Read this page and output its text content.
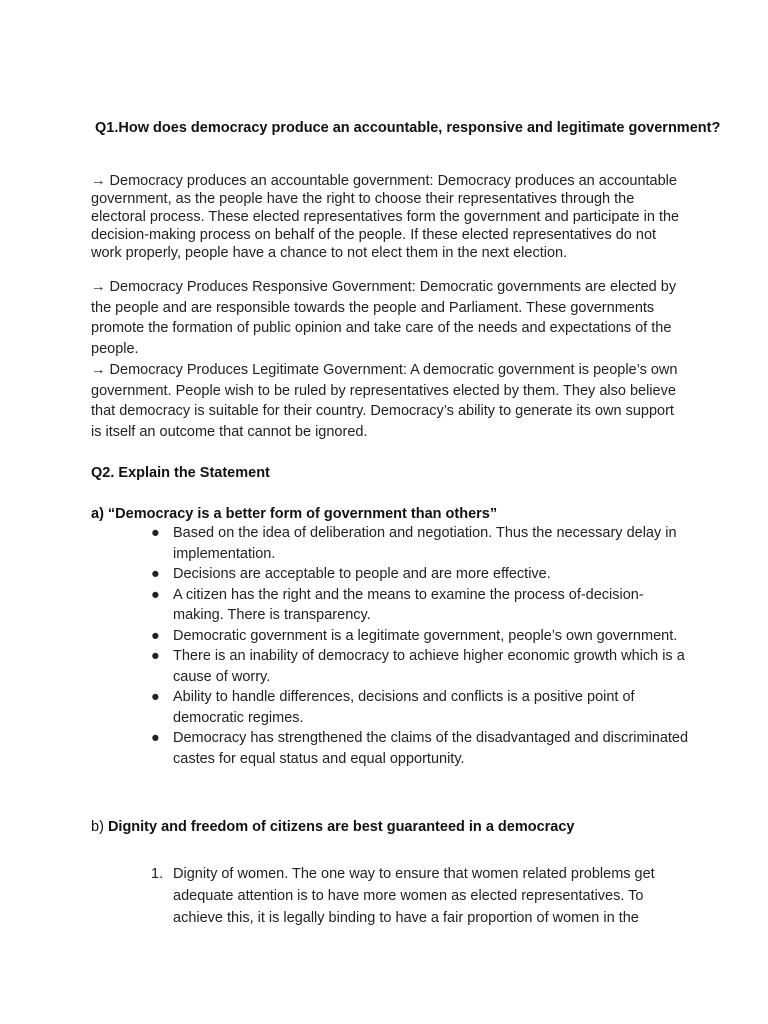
Q1.How does democracy produce an accountable, responsive and legitimate government?
→ Democracy produces an accountable government: Democracy produces an accountable government, as the people have the right to choose their representatives through the electoral process. These elected representatives form the government and participate in the decision-making process on behalf of the people. If these elected representatives do not work properly, people have a chance to not elect them in the next election.
→ Democracy Produces Responsive Government: Democratic governments are elected by the people and are responsible towards the people and Parliament. These governments promote the formation of public opinion and take care of the needs and expectations of the people.
→ Democracy Produces Legitimate Government: A democratic government is people’s own government. People wish to be ruled by representatives elected by them. They also believe that democracy is suitable for their country. Democracy’s ability to generate its own support is itself an outcome that cannot be ignored.
Q2. Explain the Statement
a) “Democracy is a better form of government than others”
● Based on the idea of deliberation and negotiation. Thus the necessary delay in implementation.
● Decisions are acceptable to people and are more effective.
● A citizen has the right and the means to examine the process of-decision-making. There is transparency.
● Democratic government is a legitimate government, people’s own government.
● There is an inability of democracy to achieve higher economic growth which is a cause of worry.
● Ability to handle differences, decisions and conflicts is a positive point of democratic regimes.
● Democracy has strengthened the claims of the disadvantaged and discriminated castes for equal status and equal opportunity.
b) Dignity and freedom of citizens are best guaranteed in a democracy
1. Dignity of women. The one way to ensure that women related problems get adequate attention is to have more women as elected representatives. To achieve this, it is legally binding to have a fair proportion of women in the
